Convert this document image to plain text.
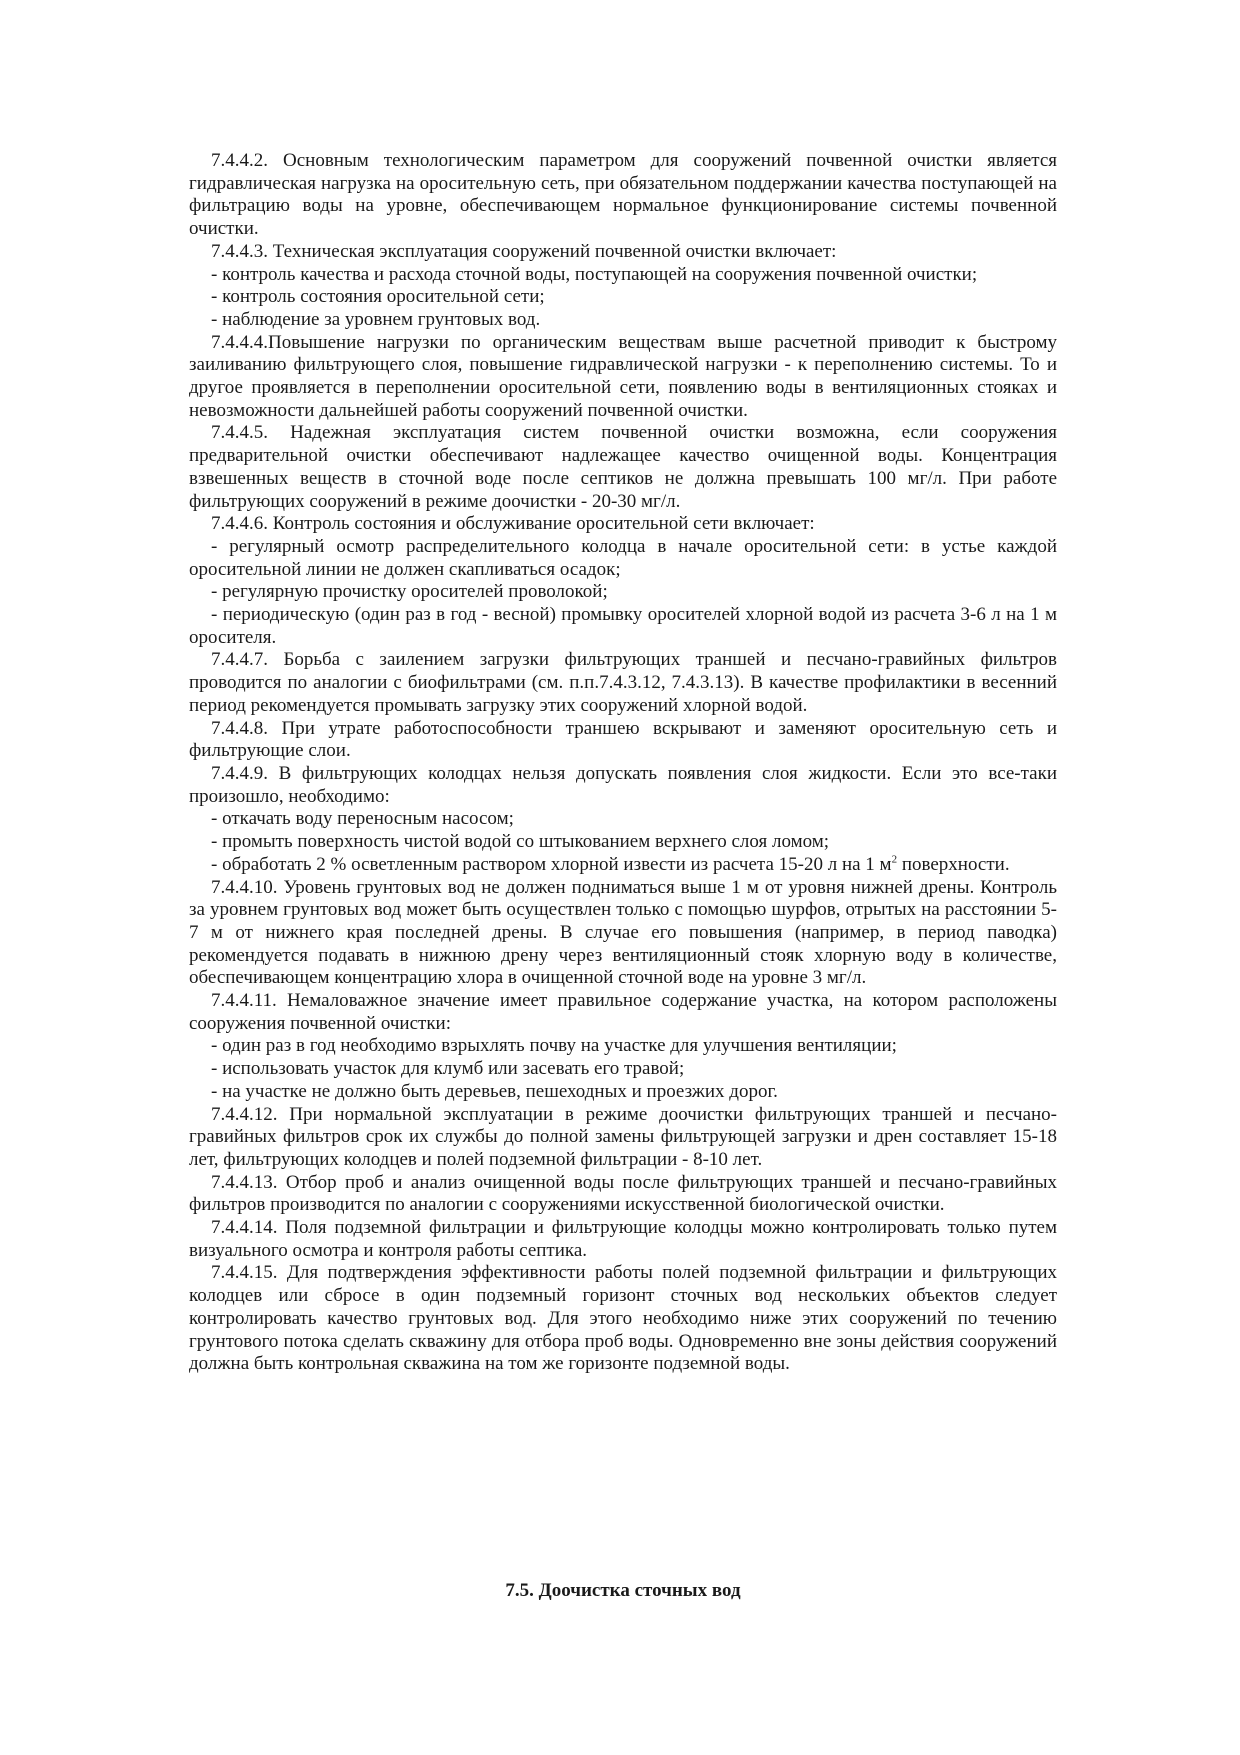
7.4.4.2. Основным технологическим параметром для сооружений почвенной очистки является гидравлическая нагрузка на оросительную сеть, при обязательном поддержании качества поступающей на фильтрацию воды на уровне, обеспечивающем нормальное функционирование системы почвенной очистки.

7.4.4.3. Техническая эксплуатация сооружений почвенной очистки включает:

- контроль качества и расхода сточной воды, поступающей на сооружения почвенной очистки;

- контроль состояния оросительной сети;

- наблюдение за уровнем грунтовых вод.

7.4.4.4.Повышение нагрузки по органическим веществам выше расчетной приводит к быстрому заиливанию фильтрующего слоя, повышение гидравлической нагрузки - к переполнению системы. То и другое проявляется в переполнении оросительной сети, появлению воды в вентиляционных стояках и невозможности дальнейшей работы сооружений почвенной очистки.

7.4.4.5. Надежная эксплуатация систем почвенной очистки возможна, если сооружения предварительной очистки обеспечивают надлежащее качество очищенной воды. Концентрация взвешенных веществ в сточной воде после септиков не должна превышать 100 мг/л. При работе фильтрующих сооружений в режиме доочистки - 20-30 мг/л.

7.4.4.6. Контроль состояния и обслуживание оросительной сети включает:

- регулярный осмотр распределительного колодца в начале оросительной сети: в устье каждой оросительной линии не должен скапливаться осадок;

- регулярную прочистку оросителей проволокой;

- периодическую (один раз в год - весной) промывку оросителей хлорной водой из расчета 3-6 л на 1 м оросителя.

7.4.4.7. Борьба с заилением загрузки фильтрующих траншей и песчано-гравийных фильтров проводится по аналогии с биофильтрами (см. п.п.7.4.3.12, 7.4.3.13). В качестве профилактики в весенний период рекомендуется промывать загрузку этих сооружений хлорной водой.

7.4.4.8. При утрате работоспособности траншею вскрывают и заменяют оросительную сеть и фильтрующие слои.

7.4.4.9. В фильтрующих колодцах нельзя допускать появления слоя жидкости. Если это все-таки произошло, необходимо:

- откачать воду переносным насосом;

- промыть поверхность чистой водой со штыкованием верхнего слоя ломом;

- обработать 2 % осветленным раствором хлорной извести из расчета 15-20 л на 1 $м^2$ поверхности.

7.4.4.10. Уровень грунтовых вод не должен подниматься выше 1 м от уровня нижней дрены. Контроль за уровнем грунтовых вод может быть осуществлен только с помощью шурфов, отрытых на расстоянии 5-7 м от нижнего края последней дрены. В случае его повышения (например, в период паводка) рекомендуется подавать в нижнюю дрену через вентиляционный стояк хлорную воду в количестве, обеспечивающем концентрацию хлора в очищенной сточной воде на уровне 3 мг/л.

7.4.4.11. Немаловажное значение имеет правильное содержание участка, на котором расположены сооружения почвенной очистки:

- один раз в год необходимо взрыхлять почву на участке для улучшения вентиляции;

- использовать участок для клумб или засевать его травой;

- на участке не должно быть деревьев, пешеходных и проезжих дорог.

7.4.4.12. При нормальной эксплуатации в режиме доочистки фильтрующих траншей и песчано-гравийных фильтров срок их службы до полной замены фильтрующей загрузки и дрен составляет 15-18 лет, фильтрующих колодцев и полей подземной фильтрации - 8-10 лет.

7.4.4.13. Отбор проб и анализ очищенной воды после фильтрующих траншей и песчано-гравийных фильтров производится по аналогии с сооружениями искусственной биологической очистки.

7.4.4.14. Поля подземной фильтрации и фильтрующие колодцы можно контролировать только путем визуального осмотра и контроля работы септика.

7.4.4.15. Для подтверждения эффективности работы полей подземной фильтрации и фильтрующих колодцев или сбросе в один подземный горизонт сточных вод нескольких объектов следует контролировать качество грунтовых вод. Для этого необходимо ниже этих сооружений по течению грунтового потока сделать скважину для отбора проб воды. Одновременно вне зоны действия сооружений должна быть контрольная скважина на том же горизонте подземной воды.

7.5. Доочистка сточных вод
